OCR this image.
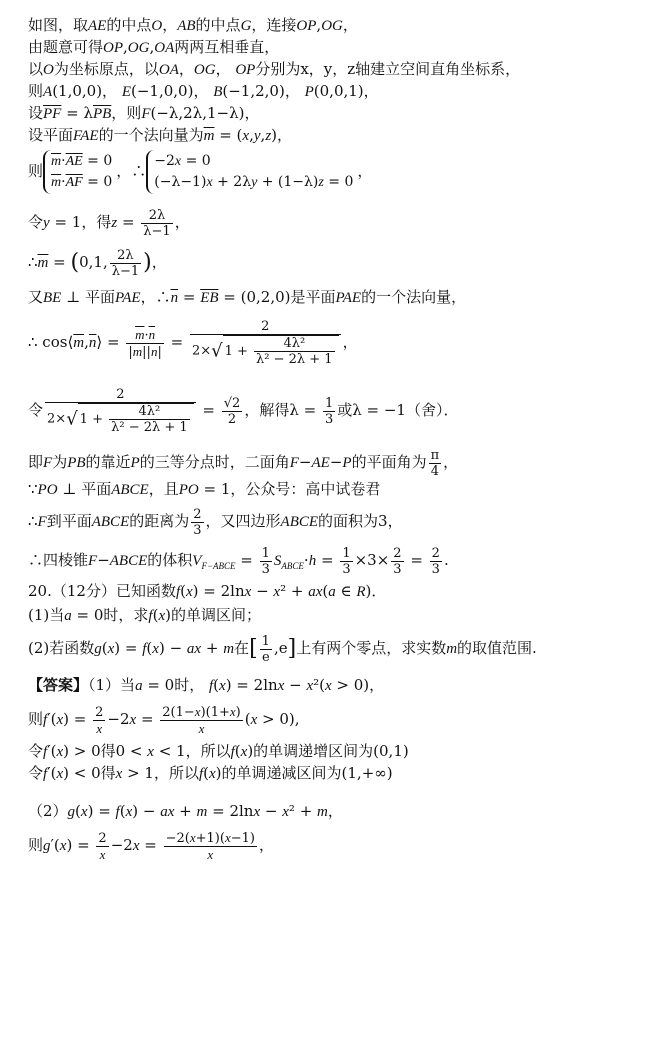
如图，取AE的中点O，AB的中点G，连接OP,OG，
由题意可得OP,OG,OA两两互相垂直，
以O为坐标原点，以OA，OG， OP分别为x，y，z轴建立空间直角坐标系，
则A(1,0,0)， E(−1,0,0)， B(−1,2,0)， P(0,0,1)，
设$\overline{PF} = \lambda\overline{PB}$，则F(−λ,2λ,1−λ)，
设平面FAE的一个法向量为$\overline{m} = (x,y,z)$，
则
$\overline{m}\cdot\overline{AE} = 0$
$\overline{m}\cdot\overline{AF} = 0$
，∴
−2x = 0
(−λ−1)x + 2λy + (1−λ)z = 0
，
令y = 1，得$z = \frac{2\lambda}{\lambda-1}$ ，
$\therefore\overline{m} = (0,1$, $\frac{2\lambda}{\lambda-1}$ )，
又BE ⊥ 平面PAE，$\therefore\overline{n} = \overline{EB} = (0,2,0)$是平面PAE的一个法向量，
∴ $\cos⟨\overline{m},\overline{n}⟩ = \frac{\overline{m}\cdot\overline{n}}{|\overline{m}||\overline{n}|} = \frac{2}{2\times√ 1 + \frac{\text{4λ²}}{\text{λ² − 2λ + 1}}}$ ，
令 $\frac{2}{2\times√ 1 + \frac{\text{4λ²}}{\text{λ² − 2λ + 1}}} = \frac{√2}{2}$ ，解得$\lambda = \frac{1}{3}$ 或λ = −1（舍）．
即F为PB的靠近P的三等分点时，二面角F−AE−P的平面角为 $\frac{\pi}{4}$ ，
∵PO ⊥ 平面ABCE，且PO = 1，公众号：高中试卷君
∴F到平面ABCE的距离为 $\frac{2}{3}$ ，又四边形ABCE的面积为3，
∴四棱锥F−ABCE的体积$V_{F-ABCE} = \frac{1}{3} S_{ABCE}\cdot h = \frac{1}{3} \times 3\times \frac{2}{3} = \frac{2}{3}$ .
20.（12分）已知函数f(x) = 2lnx − x² + ax(a ∈ R)．
(1)当a = 0时，求f(x)的单调区间；
(2)若函数g(x) = f(x) − ax + m在[ $\frac{1}{e} ,e$]上有两个零点，求实数m的取值范围.
【答案】（1）当a = 0时， f(x) = 2lnx − x²(x > 0)，
则$f'(x) = \frac{2}{x} -2x = \frac{2(1-x)(1+x)}{x} (x > 0)$,
令f′(x) > 0得0 < x < 1，所以f(x)的单调递增区间为(0,1)
令f′(x) < 0得x > 1，所以f(x)的单调递减区间为(1,+∞)
（2）g(x) = f(x) − ax + m = 2lnx − x² + m，
则$g'(x) = \frac{2}{x} -2x = \frac{-2(x+1)(x-1)}{x}$ ，
